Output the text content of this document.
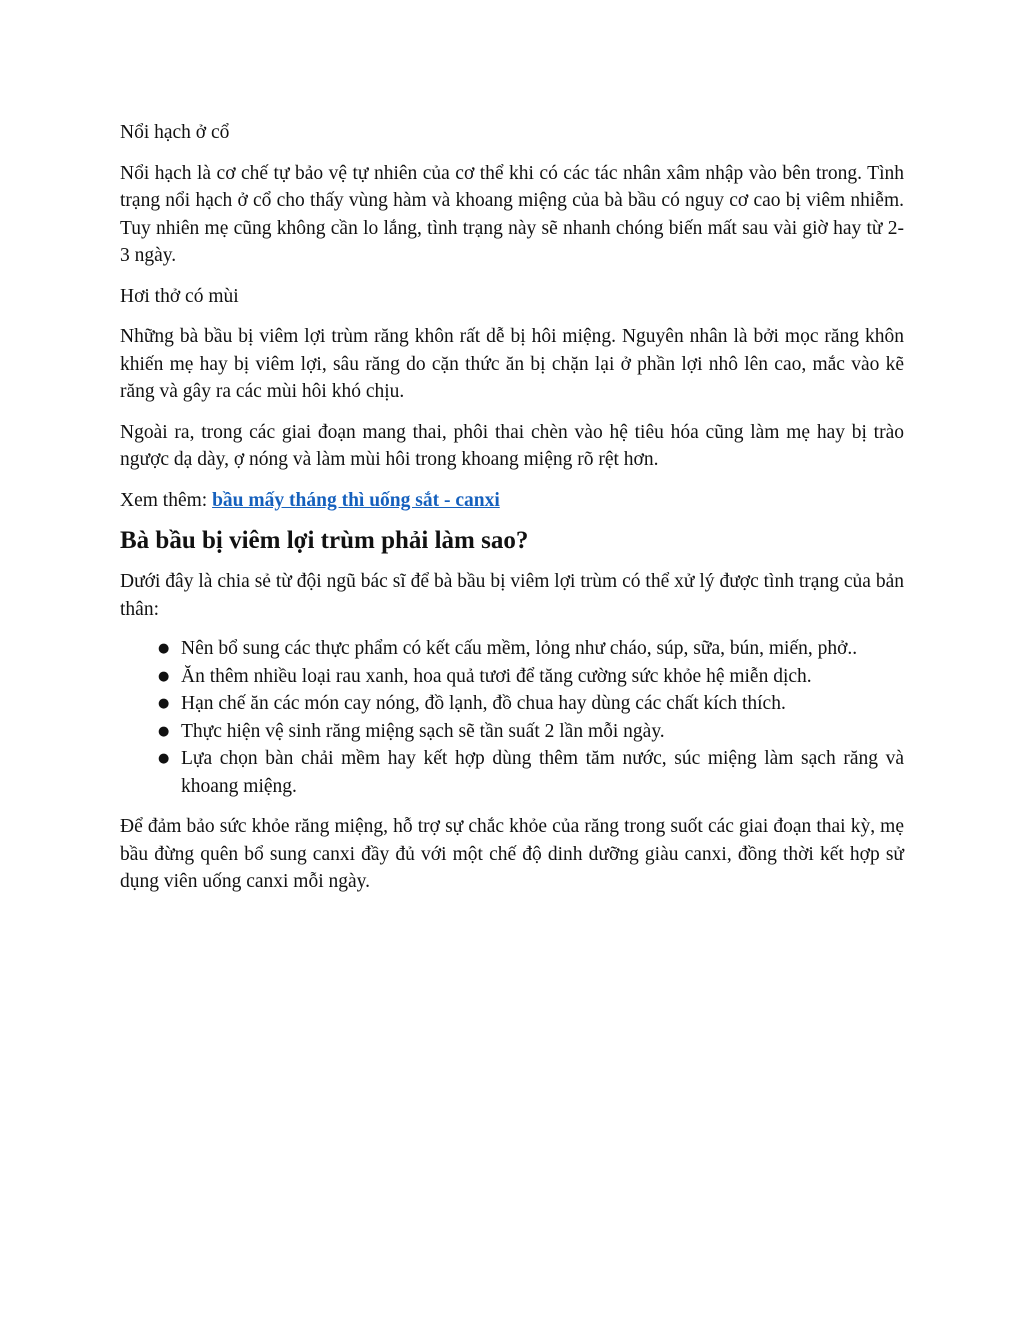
Nổi hạch ở cổ

Nổi hạch là cơ chế tự bảo vệ tự nhiên của cơ thể khi có các tác nhân xâm nhập vào bên trong. Tình trạng nổi hạch ở cổ cho thấy vùng hàm và khoang miệng của bà bầu có nguy cơ cao bị viêm nhiễm. Tuy nhiên mẹ cũng không cần lo lắng, tình trạng này sẽ nhanh chóng biến mất sau vài giờ hay từ 2-3 ngày.

Hơi thở có mùi

Những bà bầu bị viêm lợi trùm răng khôn rất dễ bị hôi miệng. Nguyên nhân là bởi mọc răng khôn khiến mẹ hay bị viêm lợi, sâu răng do cặn thức ăn bị chặn lại ở phần lợi nhô lên cao, mắc vào kẽ răng và gây ra các mùi hôi khó chịu.

Ngoài ra, trong các giai đoạn mang thai, phôi thai chèn vào hệ tiêu hóa cũng làm mẹ hay bị trào ngược dạ dày, ợ nóng và làm mùi hôi trong khoang miệng rõ rệt hơn.

Xem thêm: bầu mấy tháng thì uống sắt - canxi

Bà bầu bị viêm lợi trùm phải làm sao?

Dưới đây là chia sẻ từ đội ngũ bác sĩ để bà bầu bị viêm lợi trùm có thể xử lý được tình trạng của bản thân:

● Nên bổ sung các thực phẩm có kết cấu mềm, lỏng như cháo, súp, sữa, bún, miến, phở..
● Ăn thêm nhiều loại rau xanh, hoa quả tươi để tăng cường sức khỏe hệ miễn dịch.
● Hạn chế ăn các món cay nóng, đồ lạnh, đồ chua hay dùng các chất kích thích.
● Thực hiện vệ sinh răng miệng sạch sẽ tần suất 2 lần mỗi ngày.
● Lựa chọn bàn chải mềm hay kết hợp dùng thêm tăm nước, súc miệng làm sạch răng và khoang miệng.

Để đảm bảo sức khỏe răng miệng, hỗ trợ sự chắc khỏe của răng trong suốt các giai đoạn thai kỳ, mẹ bầu đừng quên bổ sung canxi đầy đủ với một chế độ dinh dưỡng giàu canxi, đồng thời kết hợp sử dụng viên uống canxi mỗi ngày.
